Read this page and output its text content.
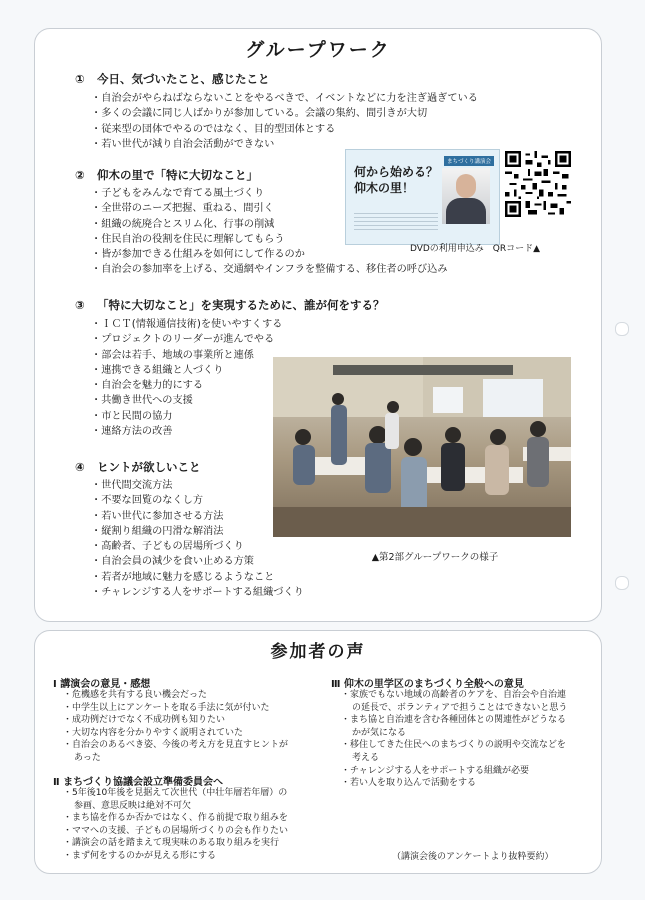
グループワーク
① 今日、気づいたこと、感じたこと
・ 自治会がやらねばならないことをやるべきで、イベントなどに力を注ぎ過ぎている
・ 多くの会議に同じ人ばかりが参加している。会議の集約、間引きが大切
・ 従来型の団体でやるのではなく、目的型団体とする
・ 若い世代が減り自治会活動ができない
② 仰木の里で「特に大切なこと」
・ 子どもをみんなで育てる風土づくり
・ 全世帯のニーズ把握、重ねる、間引く
・ 組織の統廃合とスリム化、行事の削減
・ 住民自治の役割を住民に理解してもらう
・ 皆が参加できる仕組みを如何にして作るのか
・ 自治会の参加率を上げる、交通網やインフラを整備する、移住者の呼び込み
まちづくり講演会
何から始める？
仰木の里！
DVDの利用申込み　QRコード▲
③ 「特に大切なこと」を実現するために、誰が何をする？
・ ＩＣＴ(情報通信技術)を使いやすくする
・ プロジェクトのリーダーが進んでやる
・ 部会は若手、地域の事業所と連係
・ 連携できる組織と人づくり
・ 自治会を魅力的にする
・ 共働き世代への支援
・ 市と民間の協力
・ 連絡方法の改善
▲第2部グループワークの様子
④ ヒントが欲しいこと
・ 世代間交流方法
・ 不要な回覧のなくし方
・ 若い世代に参加させる方法
・ 縦割り組織の円滑な解消法
・ 高齢者、子どもの居場所づくり
・ 自治会員の減少を食い止める方策
・ 若者が地域に魅力を感じるようなこと
・ チャレンジする人をサポートする組織づくり
参加者の声
Ⅰ 講演会の意見・感想
・ 危機感を共有する良い機会だった
・ 中学生以上にアンケートを取る手法に気が付いた
・ 成功例だけでなく不成功例も知りたい
・ 大切な内容を分かりやすく説明されていた
・ 自治会のあるべき姿、今後の考え方を見直すヒントが
あった
Ⅱ まちづくり協議会設立準備委員会へ
・ 5年後10年後を見据えて次世代（中壮年層若年層）の
参画、意思反映は絶対不可欠
・ まち協を作るか否かではなく、作る前提で取り組みを
・ ママへの支援、子どもの居場所づくりの会も作りたい
・ 講演会の話を踏まえて現実味のある取り組みを実行
・ まず何をするのかが見える形にする
Ⅲ 仰木の里学区のまちづくり全般への意見
・ 家族でもない地域の高齢者のケアを、自治会や自治連
の延長で、ボランティアで担うことはできないと思う
・ まち協と自治連を含む各種団体との関連性がどうなる
かが気になる
・ 移住してきた住民へのまちづくりの説明や交流などを
考える
・ チャレンジする人をサポートする組織が必要
・ 若い人を取り込んで活動をする
（講演会後のアンケートより抜粋要約）
